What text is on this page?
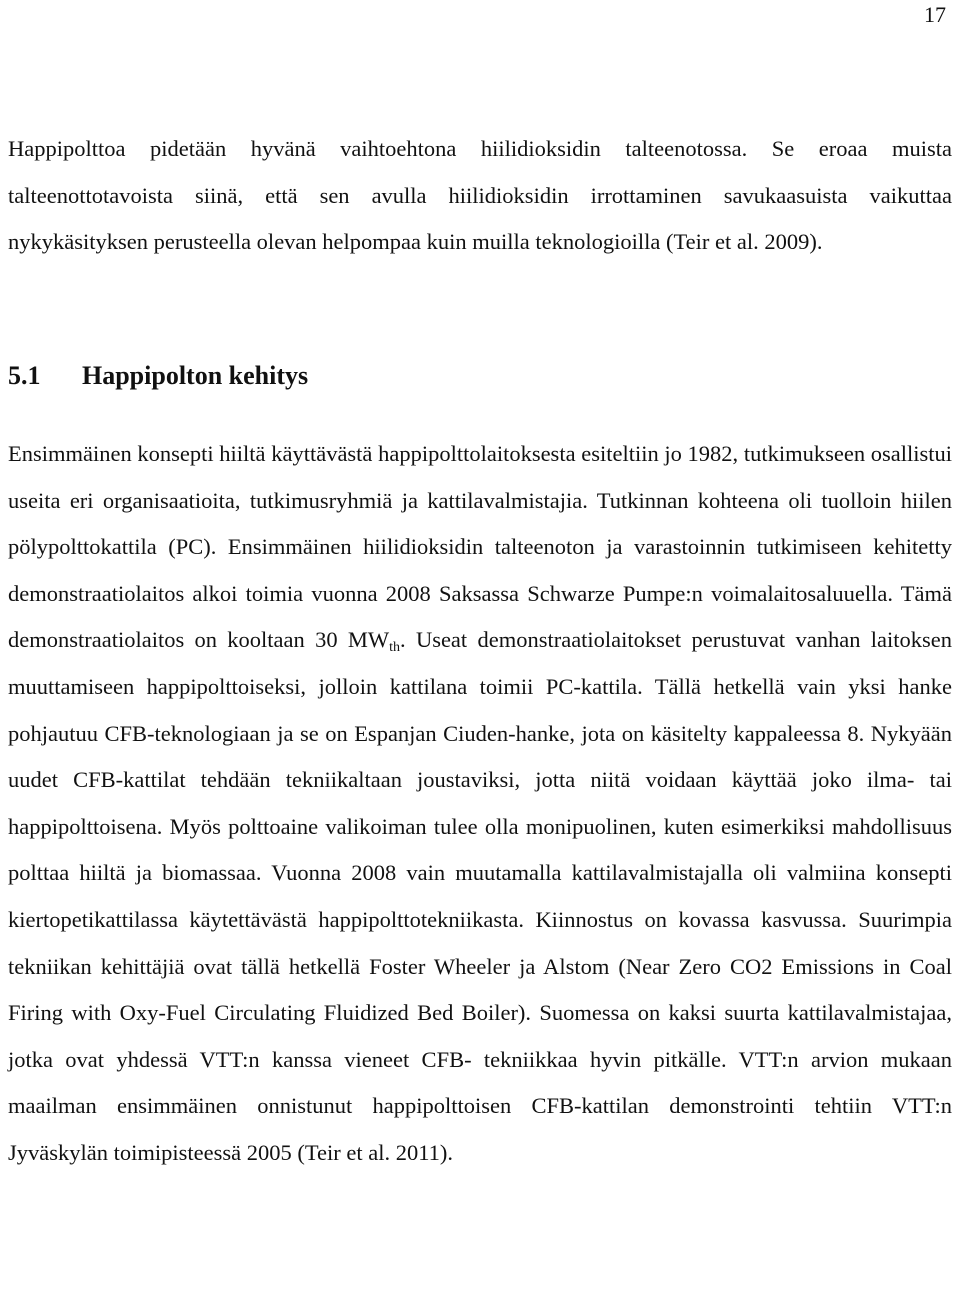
17

Happipolttoa pidetään hyvänä vaihtoehtona hiilidioksidin talteenotossa. Se eroaa muista talteenottotavoista siinä, että sen avulla hiilidioksidin irrottaminen savukaasuista vaikuttaa nykykäsityksen perusteella olevan helpompaa kuin muilla teknologioilla (Teir et al. 2009).

5.1 Happipolton kehitys

Ensimmäinen konsepti hiiltä käyttävästä happipolttolaitoksesta esiteltiin jo 1982, tutkimukseen osallistui useita eri organisaatioita, tutkimusryhmiä ja kattilavalmistajia. Tutkinnan kohteena oli tuolloin hiilen pölypolttokattila (PC). Ensimmäinen hiilidioksidin talteenoton ja varastoinnin tutkimiseen kehitetty demonstraatiolaitos alkoi toimia vuonna 2008 Saksassa Schwarze Pumpe:n voimalaitosaluuella. Tämä demonstraatiolaitos on kooltaan 30 $MW_{th}$. Useat demonstraatiolaitokset perustuvat vanhan laitoksen muuttamiseen happipolttoiseksi, jolloin kattilana toimii PC-kattila. Tällä hetkellä vain yksi hanke pohjautuu CFB-teknologiaan ja se on Espanjan Ciuden-hanke, jota on käsitelty kappaleessa 8. Nykyään uudet CFB-kattilat tehdään tekniikaltaan joustaviksi, jotta niitä voidaan käyttää joko ilma- tai happipolttoisena. Myös polttoaine valikoiman tulee olla monipuolinen, kuten esimerkiksi mahdollisuus polttaa hiiltä ja biomassaa. Vuonna 2008 vain muutamalla kattilavalmistajalla oli valmiina konsepti kiertopetikattilassa käytettävästä happipolttotekniikasta. Kiinnostus on kovassa kasvussa. Suurimpia tekniikan kehittäjiä ovat tällä hetkellä Foster Wheeler ja Alstom (Near Zero CO2 Emissions in Coal Firing with Oxy-Fuel Circulating Fluidized Bed Boiler). Suomessa on kaksi suurta kattilavalmistajaa, jotka ovat yhdessä VTT:n kanssa vieneet CFB- tekniikkaa hyvin pitkälle. VTT:n arvion mukaan maailman ensimmäinen onnistunut happipolttoisen CFB-kattilan demonstrointi tehtiin VTT:n Jyväskylän toimipisteessä 2005 (Teir et al. 2011).
